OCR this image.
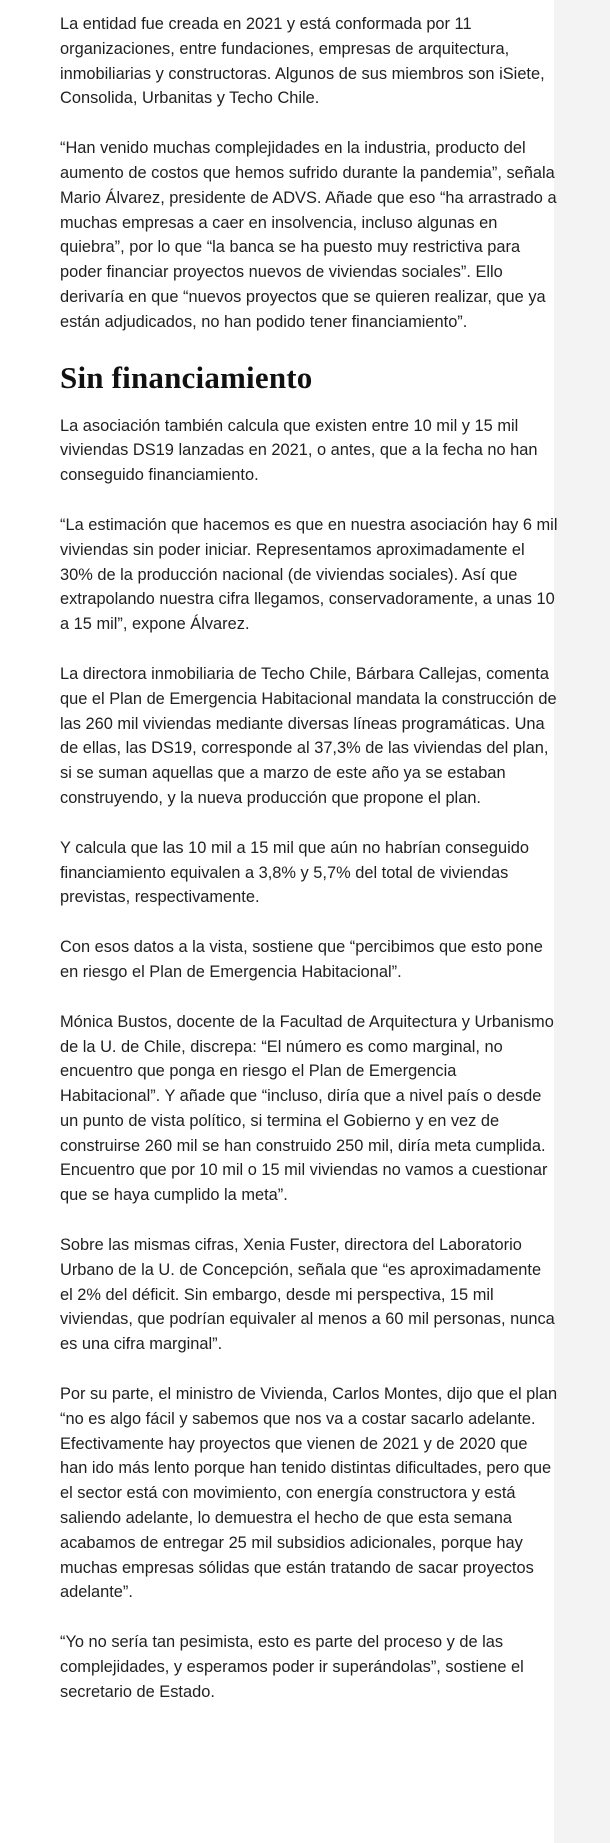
La entidad fue creada en 2021 y está conformada por 11 organizaciones, entre fundaciones, empresas de arquitectura, inmobiliarias y constructoras. Algunos de sus miembros son iSiete, Consolida, Urbanitas y Techo Chile.

“Han venido muchas complejidades en la industria, producto del aumento de costos que hemos sufrido durante la pandemia”, señala Mario Álvarez, presidente de ADVS. Añade que eso “ha arrastrado a muchas empresas a caer en insolvencia, incluso algunas en quiebra”, por lo que “la banca se ha puesto muy restrictiva para poder financiar proyectos nuevos de viviendas sociales”. Ello derivaría en que “nuevos proyectos que se quieren realizar, que ya están adjudicados, no han podido tener financiamiento”.

Sin financiamiento

La asociación también calcula que existen entre 10 mil y 15 mil viviendas DS19 lanzadas en 2021, o antes, que a la fecha no han conseguido financiamiento.

“La estimación que hacemos es que en nuestra asociación hay 6 mil viviendas sin poder iniciar. Representamos aproximadamente el 30% de la producción nacional (de viviendas sociales). Así que extrapolando nuestra cifra llegamos, conservadoramente, a unas 10 a 15 mil”, expone Álvarez.

La directora inmobiliaria de Techo Chile, Bárbara Callejas, comenta que el Plan de Emergencia Habitacional mandata la construcción de las 260 mil viviendas mediante diversas líneas programáticas. Una de ellas, las DS19, corresponde al 37,3% de las viviendas del plan, si se suman aquellas que a marzo de este año ya se estaban construyendo, y la nueva producción que propone el plan.

Y calcula que las 10 mil a 15 mil que aún no habrían conseguido financiamiento equivalen a 3,8% y 5,7% del total de viviendas previstas, respectivamente.

Con esos datos a la vista, sostiene que “percibimos que esto pone en riesgo el Plan de Emergencia Habitacional”.

Mónica Bustos, docente de la Facultad de Arquitectura y Urbanismo de la U. de Chile, discrepa: “El número es como marginal, no encuentro que ponga en riesgo el Plan de Emergencia Habitacional”. Y añade que “incluso, diría que a nivel país o desde un punto de vista político, si termina el Gobierno y en vez de construirse 260 mil se han construido 250 mil, diría meta cumplida. Encuentro que por 10 mil o 15 mil viviendas no vamos a cuestionar que se haya cumplido la meta”.

Sobre las mismas cifras, Xenia Fuster, directora del Laboratorio Urbano de la U. de Concepción, señala que “es aproximadamente el 2% del déficit. Sin embargo, desde mi perspectiva, 15 mil viviendas, que podrían equivaler al menos a 60 mil personas, nunca es una cifra marginal”.

Por su parte, el ministro de Vivienda, Carlos Montes, dijo que el plan “no es algo fácil y sabemos que nos va a costar sacarlo adelante. Efectivamente hay proyectos que vienen de 2021 y de 2020 que han ido más lento porque han tenido distintas dificultades, pero que el sector está con movimiento, con energía constructora y está saliendo adelante, lo demuestra el hecho de que esta semana acabamos de entregar 25 mil subsidios adicionales, porque hay muchas empresas sólidas que están tratando de sacar proyectos adelante”.

“Yo no sería tan pesimista, esto es parte del proceso y de las complejidades, y esperamos poder ir superándolas”, sostiene el secretario de Estado.
